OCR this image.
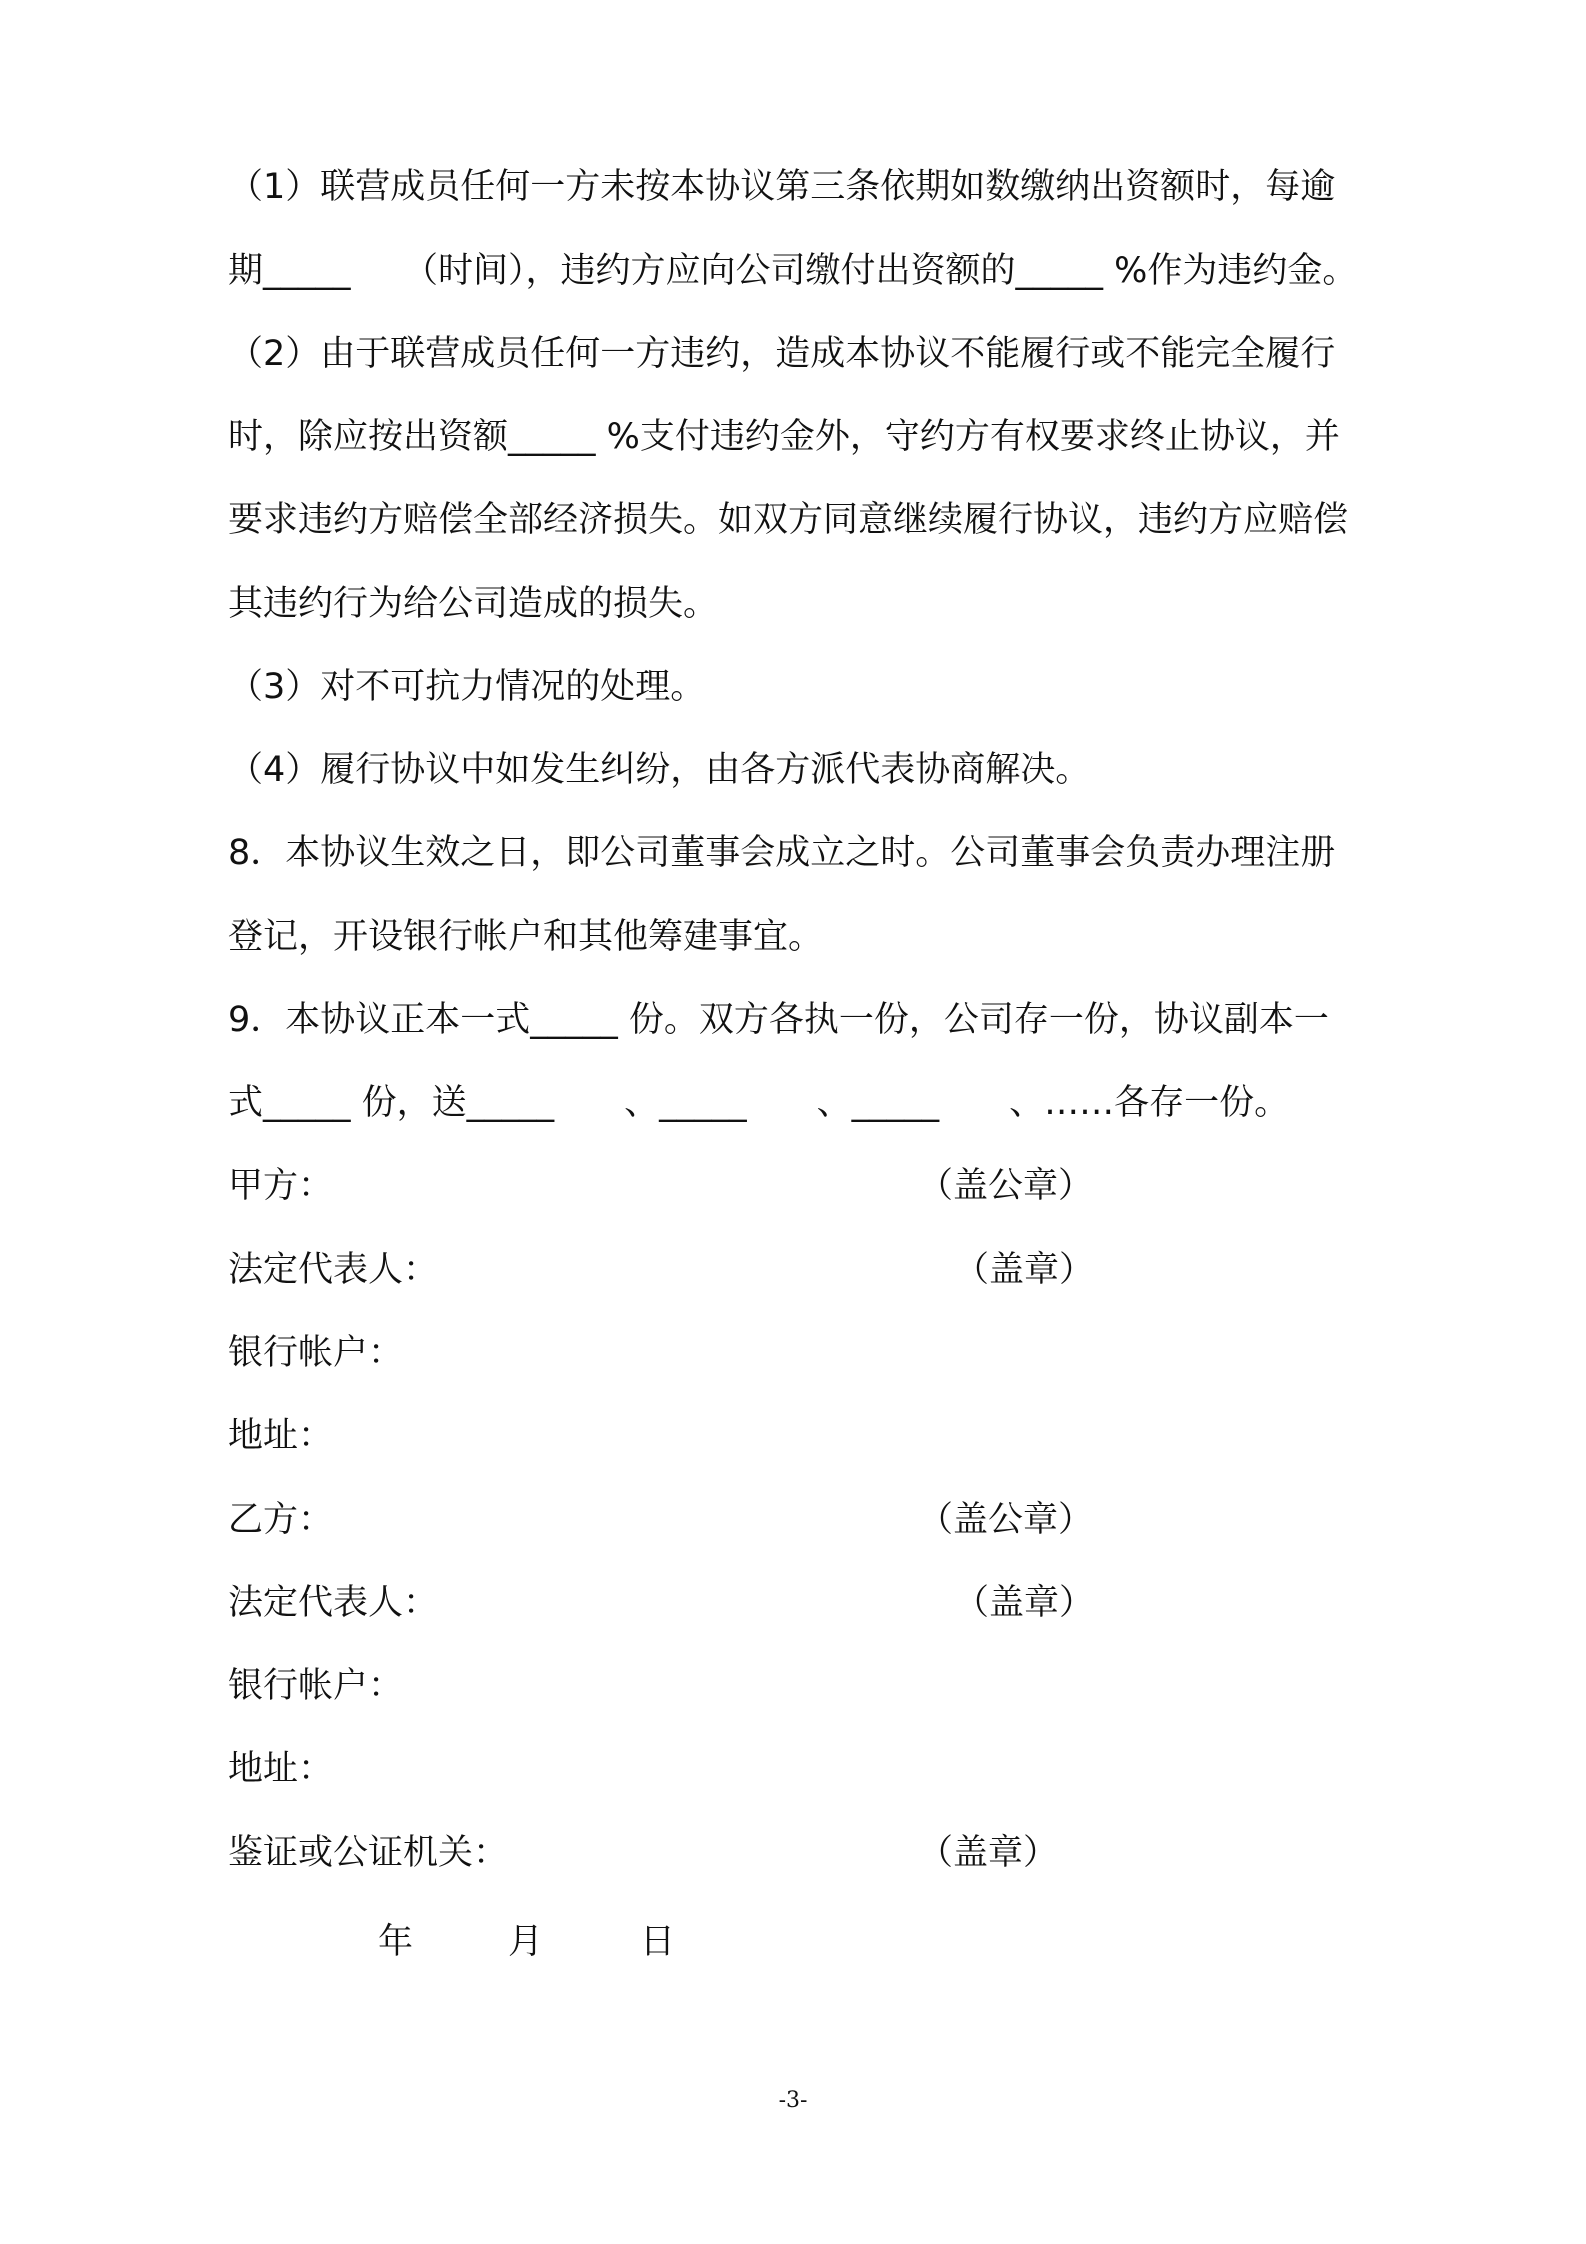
（1）联营成员任何一方未按本协议第三条依期如数缴纳出资额时，每逾

期_____　　（时间），违约方应向公司缴付出资额的_____ %作为违约金。

（2）由于联营成员任何一方违约，造成本协议不能履行或不能完全履行

时，除应按出资额_____ %支付违约金外，守约方有权要求终止协议，并

要求违约方赔偿全部经济损失。如双方同意继续履行协议，违约方应赔偿

其违约行为给公司造成的损失。

（3）对不可抗力情况的处理。

（4）履行协议中如发生纠纷，由各方派代表协商解决。

8．本协议生效之日，即公司董事会成立之时。公司董事会负责办理注册

登记，开设银行帐户和其他筹建事宜。

9．本协议正本一式_____ 份。双方各执一份，公司存一份，协议副本一

式_____ 份，送_____　　、_____　　、_____　　、……各存一份。

甲方：	（盖公章）

法定代表人：	（盖章）

银行帐户：

地址：

乙方：	（盖公章）

法定代表人：	（盖章）

银行帐户：

地址：

鉴证或公证机关：	（盖章）
年	月	日
-3-
